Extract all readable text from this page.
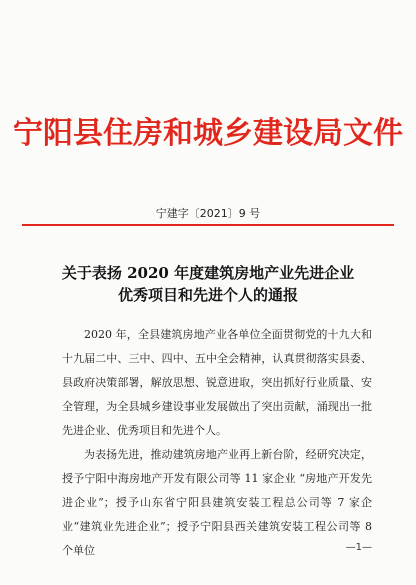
宁阳县住房和城乡建设局文件
宁建字〔2021〕9 号
关于表扬 2020 年度建筑房地产业先进企业
优秀项目和先进个人的通报

2020 年，全县建筑房地产业各单位全面贯彻党的十九大和十九届二中、三中、四中、五中全会精神，认真贯彻落实县委、县政府决策部署，解放思想、锐意进取，突出抓好行业质量、安全管理，为全县城乡建设事业发展做出了突出贡献，涌现出一批先进企业、优秀项目和先进个人。

为表扬先进，推动建筑房地产业再上新台阶，经研究决定，授予宁阳中海房地产开发有限公司等 11 家企业 “房地产开发先进企业”；授予山东省宁阳县建筑安装工程总公司等 7 家企业“建筑业先进企业”；授予宁阳县西关建筑安装工程公司等 8 个单位	—1—
